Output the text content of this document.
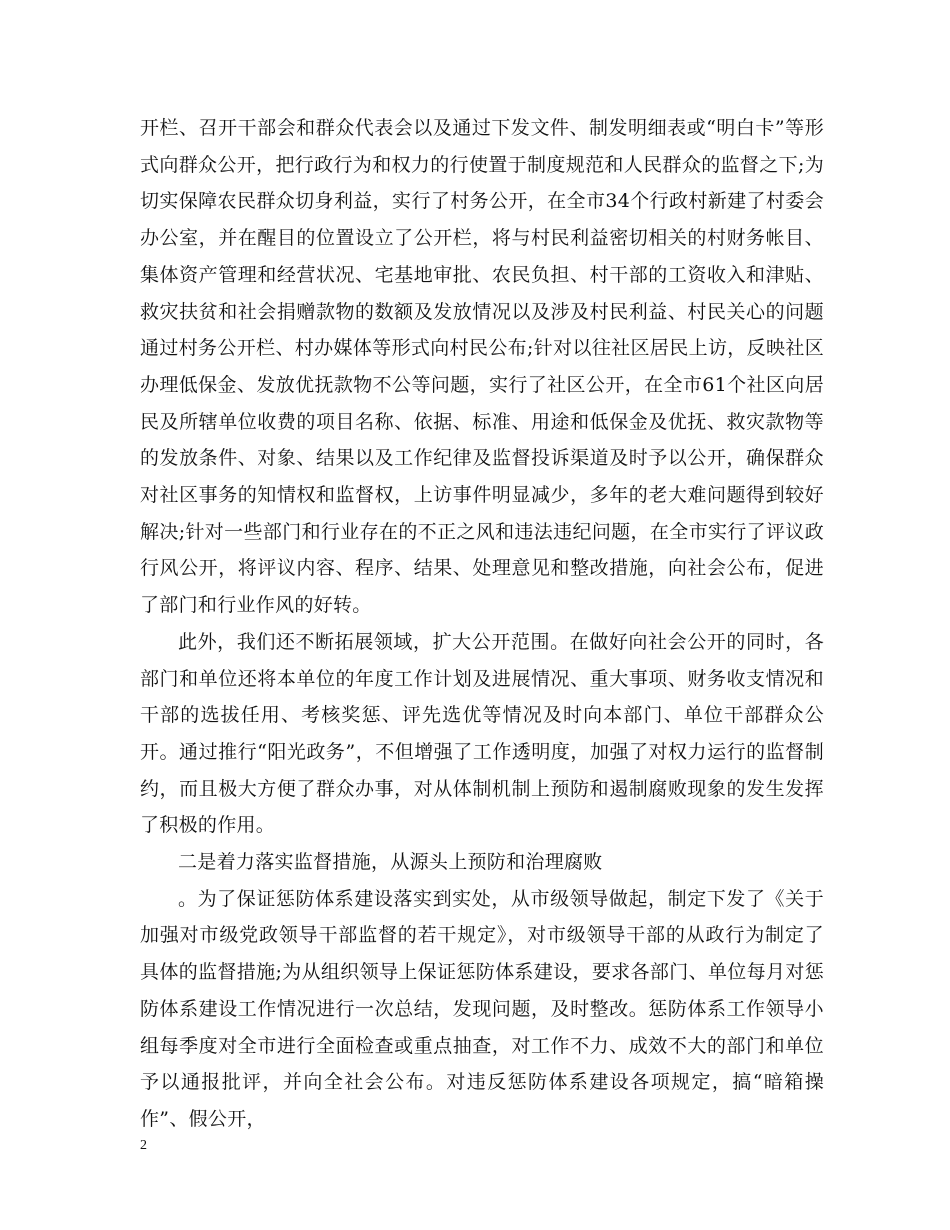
开栏、召开干部会和群众代表会以及通过下发文件、制发明细表或“明白卡”等形式向群众公开，把行政行为和权力的行使置于制度规范和人民群众的监督之下;为切实保障农民群众切身利益，实行了村务公开，在全市34个行政村新建了村委会办公室，并在醒目的位置设立了公开栏，将与村民利益密切相关的村财务帐目、集体资产管理和经营状况、宅基地审批、农民负担、村干部的工资收入和津贴、救灾扶贫和社会捐赠款物的数额及发放情况以及涉及村民利益、村民关心的问题通过村务公开栏、村办媒体等形式向村民公布;针对以往社区居民上访，反映社区办理低保金、发放优抚款物不公等问题，实行了社区公开，在全市61个社区向居民及所辖单位收费的项目名称、依据、标准、用途和低保金及优抚、救灾款物等的发放条件、对象、结果以及工作纪律及监督投诉渠道及时予以公开，确保群众对社区事务的知情权和监督权，上访事件明显减少，多年的老大难问题得到较好解决;针对一些部门和行业存在的不正之风和违法违纪问题，在全市实行了评议政行风公开，将评议内容、程序、结果、处理意见和整改措施，向社会公布，促进了部门和行业作风的好转。

此外，我们还不断拓展领域，扩大公开范围。在做好向社会公开的同时，各部门和单位还将本单位的年度工作计划及进展情况、重大事项、财务收支情况和干部的选拔任用、考核奖惩、评先选优等情况及时向本部门、单位干部群众公开。通过推行“阳光政务”，不但增强了工作透明度，加强了对权力运行的监督制约，而且极大方便了群众办事，对从体制机制上预防和遏制腐败现象的发生发挥了积极的作用。

二是着力落实监督措施，从源头上预防和治理腐败

。为了保证惩防体系建设落实到实处，从市级领导做起，制定下发了《关于加强对市级党政领导干部监督的若干规定》，对市级领导干部的从政行为制定了具体的监督措施;为从组织领导上保证惩防体系建设，要求各部门、单位每月对惩防体系建设工作情况进行一次总结，发现问题，及时整改。惩防体系工作领导小组每季度对全市进行全面检查或重点抽查，对工作不力、成效不大的部门和单位予以通报批评，并向全社会公布。对违反惩防体系建设各项规定，搞“暗箱操作”、假公开，

2
